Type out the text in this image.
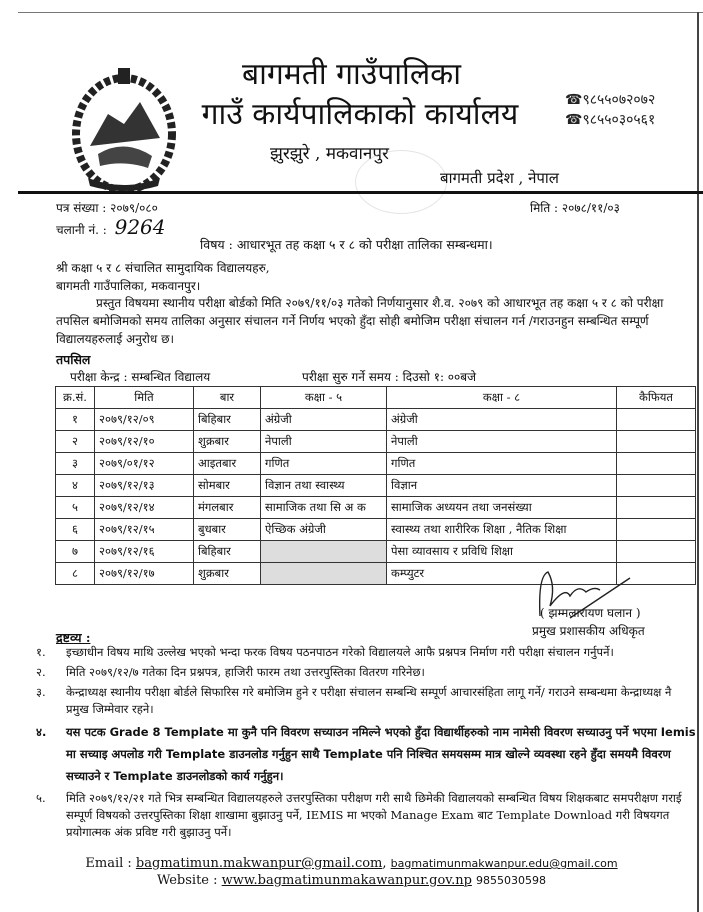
बागमती गाउँपालिका
गाउँ कार्यपालिकाको कार्यालय
झुरझुरे , मकवानपुर
बागमती प्रदेश , नेपाल
☎९८५५०७२०७२
☎९८५५०३०५६१
पत्र संख्या : २०७९/०८०
चलानी नं. : 9264
मिति : २०७८/११/०३
विषय : आधारभूत तह कक्षा ५ र ८ को परीक्षा तालिका सम्बन्धमा।
श्री कक्षा ५ र ८ संचालित सामुदायिक विद्यालयहरु,
बागमती गाउँपालिका, मकवानपुर।
प्रस्तुत विषयमा स्थानीय परीक्षा बोर्डको मिति २०७९/११/०३ गतेको निर्णयानुसार शै.व. २०७९ को आधारभूत तह कक्षा ५ र ८ को परीक्षा तपसिल बमोजिमको समय तालिका अनुसार संचालन गर्ने निर्णय भएको हुँदा सोही बमोजिम परीक्षा संचालन गर्न /गराउनहुन सम्बन्धित सम्पूर्ण विद्यालयहरुलाई अनुरोध छ।
तपसिल
परीक्षा केन्द्र : सम्बन्धित विद्यालय	परीक्षा सुरु गर्ने समय : दिउसो १: ००बजे
क्र.सं.	मिति	बार	कक्षा - ५	कक्षा - ८	कैफियत
१	२०७९/१२/०९	बिहिबार	अंग्रेजी	अंग्रेजी	
२	२०७९/१२/१०	शुक्रबार	नेपाली	नेपाली	
३	२०७९/०१/१२	आइतबार	गणित	गणित	
४	२०७९/१२/१३	सोमबार	विज्ञान तथा स्वास्थ्य	विज्ञान	
५	२०७९/१२/१४	मंगलबार	सामाजिक तथा सि अ क	सामाजिक अध्ययन तथा जनसंख्या	
६	२०७९/१२/१५	बुधबार	ऐच्छिक अंग्रेजी	स्वास्थ्य तथा शारीरिक शिक्षा , नैतिक शिक्षा	
७	२०७९/१२/१६	बिहिबार		पेसा व्यावसाय र प्रविधि शिक्षा	
८	२०७९/१२/१७	शुक्रबार		कम्प्युटर	
( झम्मलारायण घलान )
प्रमुख प्रशासकीय अधिकृत
द्रष्टव्य :
१.	इच्छाधीन विषय माथि उल्लेख भएको भन्दा फरक विषय पठनपाठन गरेको विद्यालयले आफै प्रश्नपत्र निर्माण गरी परीक्षा संचालन गर्नुपर्ने।
२.	मिति २०७९/१२/७ गतेका दिन प्रश्नपत्र, हाजिरी फारम तथा उत्तरपुस्तिका वितरण गरिनेछ।
३.	केन्द्राध्यक्ष स्थानीय परीक्षा बोर्डले सिफारिस गरे बमोजिम हुने र परीक्षा संचालन सम्बन्धि सम्पूर्ण आचारसंहिता लागू गर्ने/ गराउने सम्बन्धमा केन्द्राध्यक्ष नै प्रमुख जिम्मेवार रहने।
४.	यस पटक Grade 8 Template मा कुनै पनि विवरण सच्याउन नमिल्ने भएको हुँदा विद्यार्थीहरुको नाम नामेसी विवरण सच्याउनु पर्ने भएमा Iemis मा सच्याइ अपलोड गरी Template डाउनलोड गर्नुहुन साथै Template पनि निश्चित समयसम्म मात्र खोल्ने व्यवस्था रहने हुँदा समयमै विवरण सच्याउने र Template डाउनलोडको कार्य गर्नुहुन।
५.	मिति २०७९/१२/२१ गते भित्र सम्बन्धित विद्यालयहरुले उत्तरपुस्तिका परीक्षण गरी साथै छिमेकी विद्यालयको सम्बन्धित विषय शिक्षकबाट समपरीक्षण गराई सम्पूर्ण विषयको उत्तरपुस्तिका शिक्षा शाखामा बुझाउनु पर्ने, IEMIS मा भएको Manage Exam बाट Template Download गरी विषयगत प्रयोगात्मक अंक प्रविष्ट गरी बुझाउनु पर्ने।
Email : bagmatimun.makwanpur@gmail.com, bagmatimunmakwanpur.edu@gmail.com
Website : www.bagmatimunmakawanpur.gov.np 9855030598
